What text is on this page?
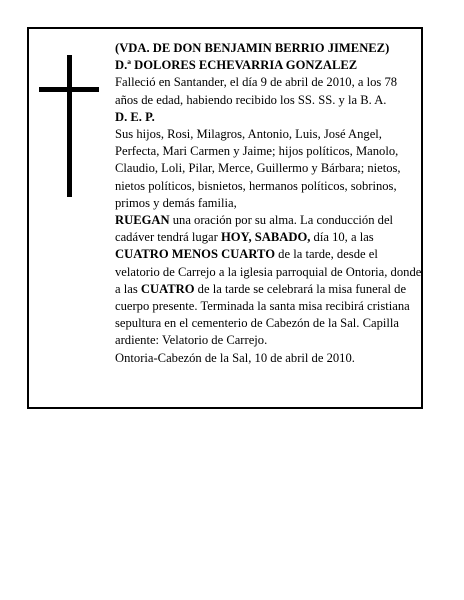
(VDA. DE DON BENJAMIN BERRIO JIMENEZ)

D.ª DOLORES ECHEVARRIA GONZALEZ

Falleció en Santander, el día 9 de abril de 2010, a los 78 años de edad, habiendo recibido los SS. SS. y la B. A.

D. E. P.

Sus hijos, Rosi, Milagros, Antonio, Luis, José Angel, Perfecta, Mari Carmen y Jaime; hijos políticos, Manolo, Claudio, Loli, Pilar, Merce, Guillermo y Bárbara; nietos, nietos políticos, bisnietos, hermanos políticos, sobrinos, primos y demás familia,

RUEGAN una oración por su alma. La conducción del cadáver tendrá lugar HOY, SABADO, día 10, a las CUATRO MENOS CUARTO de la tarde, desde el velatorio de Carrejo a la iglesia parroquial de Ontoria, donde a las CUATRO de la tarde se celebrará la misa funeral de cuerpo presente. Terminada la santa misa recibirá cristiana sepultura en el cementerio de Cabezón de la Sal. Capilla ardiente: Velatorio de Carrejo.

Ontoria-Cabezón de la Sal, 10 de abril de 2010.
